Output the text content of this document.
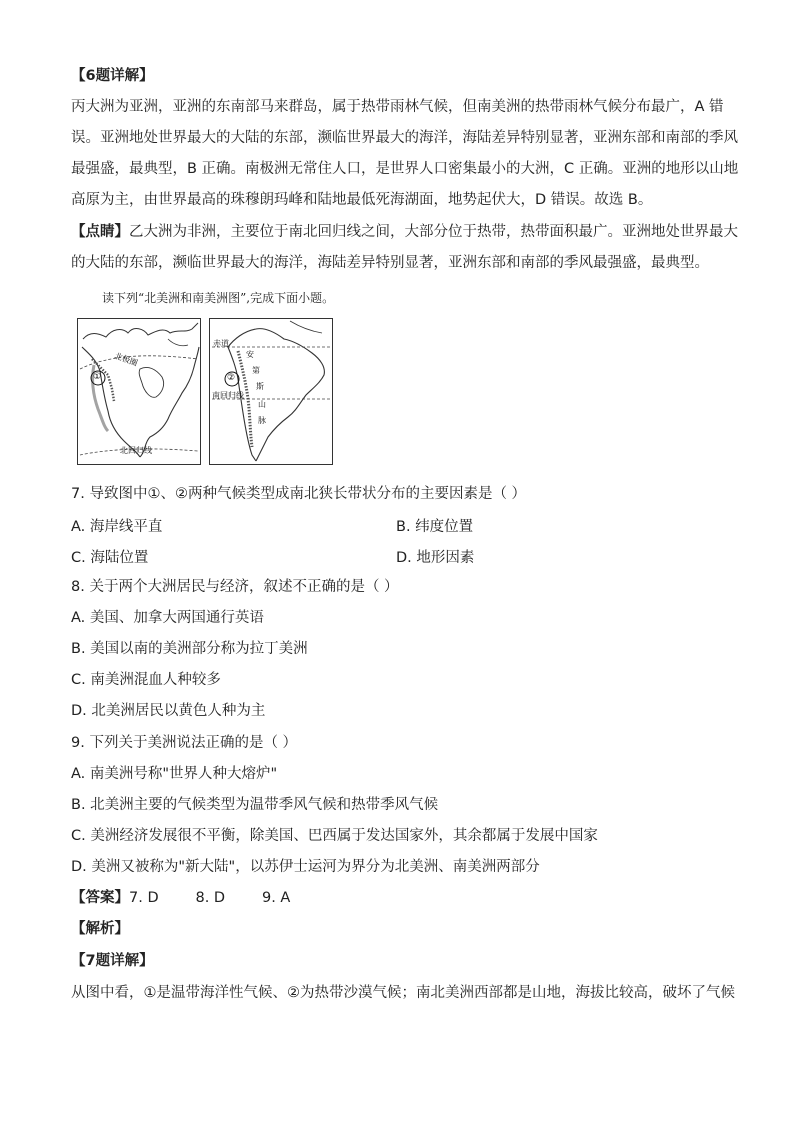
【6题详解】
丙大洲为亚洲，亚洲的东南部马来群岛，属于热带雨林气候，但南美洲的热带雨林气候分布最广，A 错
误。亚洲地处世界最大的大陆的东部，濒临世界最大的海洋，海陆差异特别显著，亚洲东部和南部的季风
最强盛，最典型，B 正确。南极洲无常住人口，是世界人口密集最小的大洲，C 正确。亚洲的地形以山地
高原为主，由世界最高的珠穆朗玛峰和陆地最低死海湖面，地势起伏大，D 错误。故选 B。
【点睛】乙大洲为非洲，主要位于南北回归线之间，大部分位于热带，热带面积最广。亚洲地处世界最大
的大陆的东部，濒临世界最大的海洋，海陆差异特别显著，亚洲东部和南部的季风最强盛，最典型。
读下列“北美洲和南美洲图”,完成下面小题。
①
北极圈
北回归线
②
赤道
南回归线
安
第
斯
山
脉
7. 导致图中①、②两种气候类型成南北狭长带状分布的主要因素是（ ）
A. 海岸线平直	B. 纬度位置
C. 海陆位置	D. 地形因素
8. 关于两个大洲居民与经济，叙述不正确的是（ ）
A. 美国、加拿大两国通行英语
B. 美国以南的美洲部分称为拉丁美洲
C. 南美洲混血人种较多
D. 北美洲居民以黄色人种为主
9. 下列关于美洲说法正确的是（ ）
A. 南美洲号称"世界人种大熔炉"
B. 北美洲主要的气候类型为温带季风气候和热带季风气候
C. 美洲经济发展很不平衡，除美国、巴西属于发达国家外，其余都属于发展中国家
D. 美洲又被称为"新大陆"，以苏伊士运河为界分为北美洲、南美洲两部分
【答案】7. D        8. D        9. A
【解析】
【7题详解】
从图中看，①是温带海洋性气候、②为热带沙漠气候；南北美洲西部都是山地，海拔比较高，破坏了气候
